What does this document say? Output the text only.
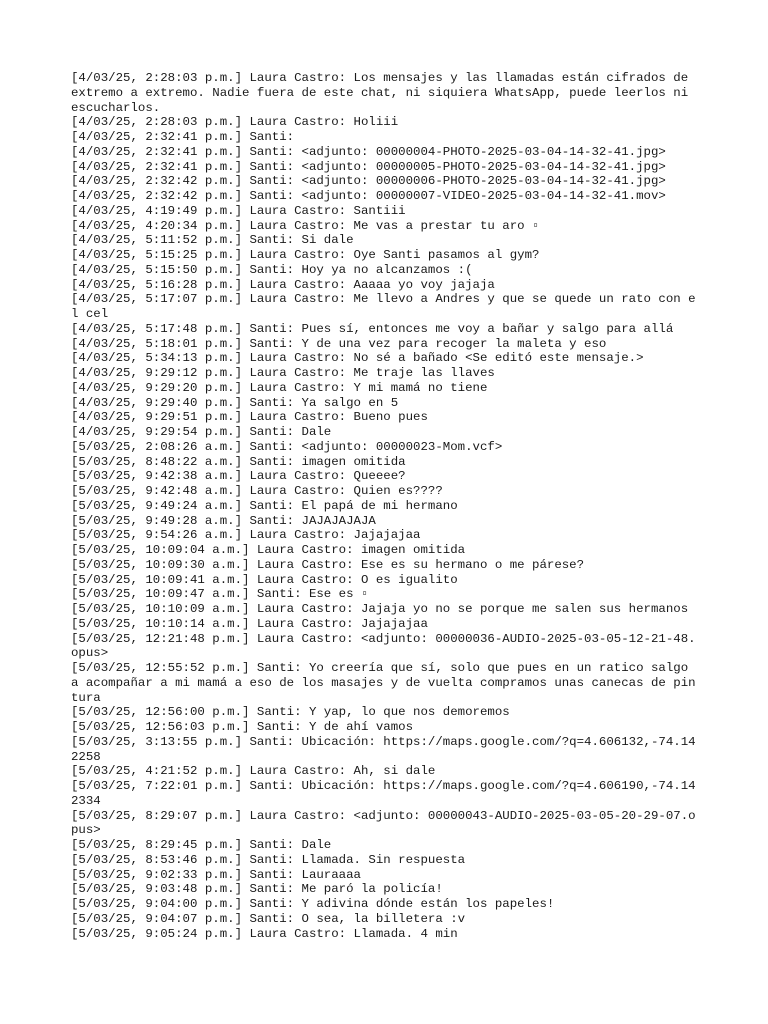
[4/03/25, 2:28:03 p.m.] Laura Castro: Los mensajes y las llamadas están cifrados de extremo a extremo. Nadie fuera de este chat, ni siquiera WhatsApp, puede leerlos ni escucharlos.
[4/03/25, 2:28:03 p.m.] Laura Castro: Holiii
[4/03/25, 2:32:41 p.m.] Santi:
[4/03/25, 2:32:41 p.m.] Santi: <adjunto: 00000004-PHOTO-2025-03-04-14-32-41.jpg>
[4/03/25, 2:32:41 p.m.] Santi: <adjunto: 00000005-PHOTO-2025-03-04-14-32-41.jpg>
[4/03/25, 2:32:42 p.m.] Santi: <adjunto: 00000006-PHOTO-2025-03-04-14-32-41.jpg>
[4/03/25, 2:32:42 p.m.] Santi: <adjunto: 00000007-VIDEO-2025-03-04-14-32-41.mov>
[4/03/25, 4:19:49 p.m.] Laura Castro: Santiii
[4/03/25, 4:20:34 p.m.] Laura Castro: Me vas a prestar tu aro ▫
[4/03/25, 5:11:52 p.m.] Santi: Si dale
[4/03/25, 5:15:25 p.m.] Laura Castro: Oye Santi pasamos al gym?
[4/03/25, 5:15:50 p.m.] Santi: Hoy ya no alcanzamos :(
[4/03/25, 5:16:28 p.m.] Laura Castro: Aaaaa yo voy jajaja
[4/03/25, 5:17:07 p.m.] Laura Castro: Me llevo a Andres y que se quede un rato con el cel
[4/03/25, 5:17:48 p.m.] Santi: Pues sí, entonces me voy a bañar y salgo para allá
[4/03/25, 5:18:01 p.m.] Santi: Y de una vez para recoger la maleta y eso
[4/03/25, 5:34:13 p.m.] Laura Castro: No sé a bañado <Se editó este mensaje.>
[4/03/25, 9:29:12 p.m.] Laura Castro: Me traje las llaves
[4/03/25, 9:29:20 p.m.] Laura Castro: Y mi mamá no tiene
[4/03/25, 9:29:40 p.m.] Santi: Ya salgo en 5
[4/03/25, 9:29:51 p.m.] Laura Castro: Bueno pues
[4/03/25, 9:29:54 p.m.] Santi: Dale
[5/03/25, 2:08:26 a.m.] Santi: <adjunto: 00000023-Mom.vcf>
[5/03/25, 8:48:22 a.m.] Santi: imagen omitida
[5/03/25, 9:42:38 a.m.] Laura Castro: Queeee?
[5/03/25, 9:42:48 a.m.] Laura Castro: Quien es????
[5/03/25, 9:49:24 a.m.] Santi: El papá de mi hermano
[5/03/25, 9:49:28 a.m.] Santi: JAJAJAJAJA
[5/03/25, 9:54:26 a.m.] Laura Castro: Jajajajaa
[5/03/25, 10:09:04 a.m.] Laura Castro: imagen omitida
[5/03/25, 10:09:30 a.m.] Laura Castro: Ese es su hermano o me párese?
[5/03/25, 10:09:41 a.m.] Laura Castro: O es igualito
[5/03/25, 10:09:47 a.m.] Santi: Ese es ▫
[5/03/25, 10:10:09 a.m.] Laura Castro: Jajaja yo no se porque me salen sus hermanos
[5/03/25, 10:10:14 a.m.] Laura Castro: Jajajajaa
[5/03/25, 12:21:48 p.m.] Laura Castro: <adjunto: 00000036-AUDIO-2025-03-05-12-21-48.opus>
[5/03/25, 12:55:52 p.m.] Santi: Yo creería que sí, solo que pues en un ratico salgo a acompañar a mi mamá a eso de los masajes y de vuelta compramos unas canecas de pintura
[5/03/25, 12:56:00 p.m.] Santi: Y yap, lo que nos demoremos
[5/03/25, 12:56:03 p.m.] Santi: Y de ahí vamos
[5/03/25, 3:13:55 p.m.] Santi: Ubicación: https://maps.google.com/?q=4.606132,-74.142258
[5/03/25, 4:21:52 p.m.] Laura Castro: Ah, si dale
[5/03/25, 7:22:01 p.m.] Santi: Ubicación: https://maps.google.com/?q=4.606190,-74.142334
[5/03/25, 8:29:07 p.m.] Laura Castro: <adjunto: 00000043-AUDIO-2025-03-05-20-29-07.opus>
[5/03/25, 8:29:45 p.m.] Santi: Dale
[5/03/25, 8:53:46 p.m.] Santi: Llamada. Sin respuesta
[5/03/25, 9:02:33 p.m.] Santi: Lauraaaa
[5/03/25, 9:03:48 p.m.] Santi: Me paró la policía!
[5/03/25, 9:04:00 p.m.] Santi: Y adivina dónde están los papeles!
[5/03/25, 9:04:07 p.m.] Santi: O sea, la billetera :v
[5/03/25, 9:05:24 p.m.] Laura Castro: Llamada. 4 min
